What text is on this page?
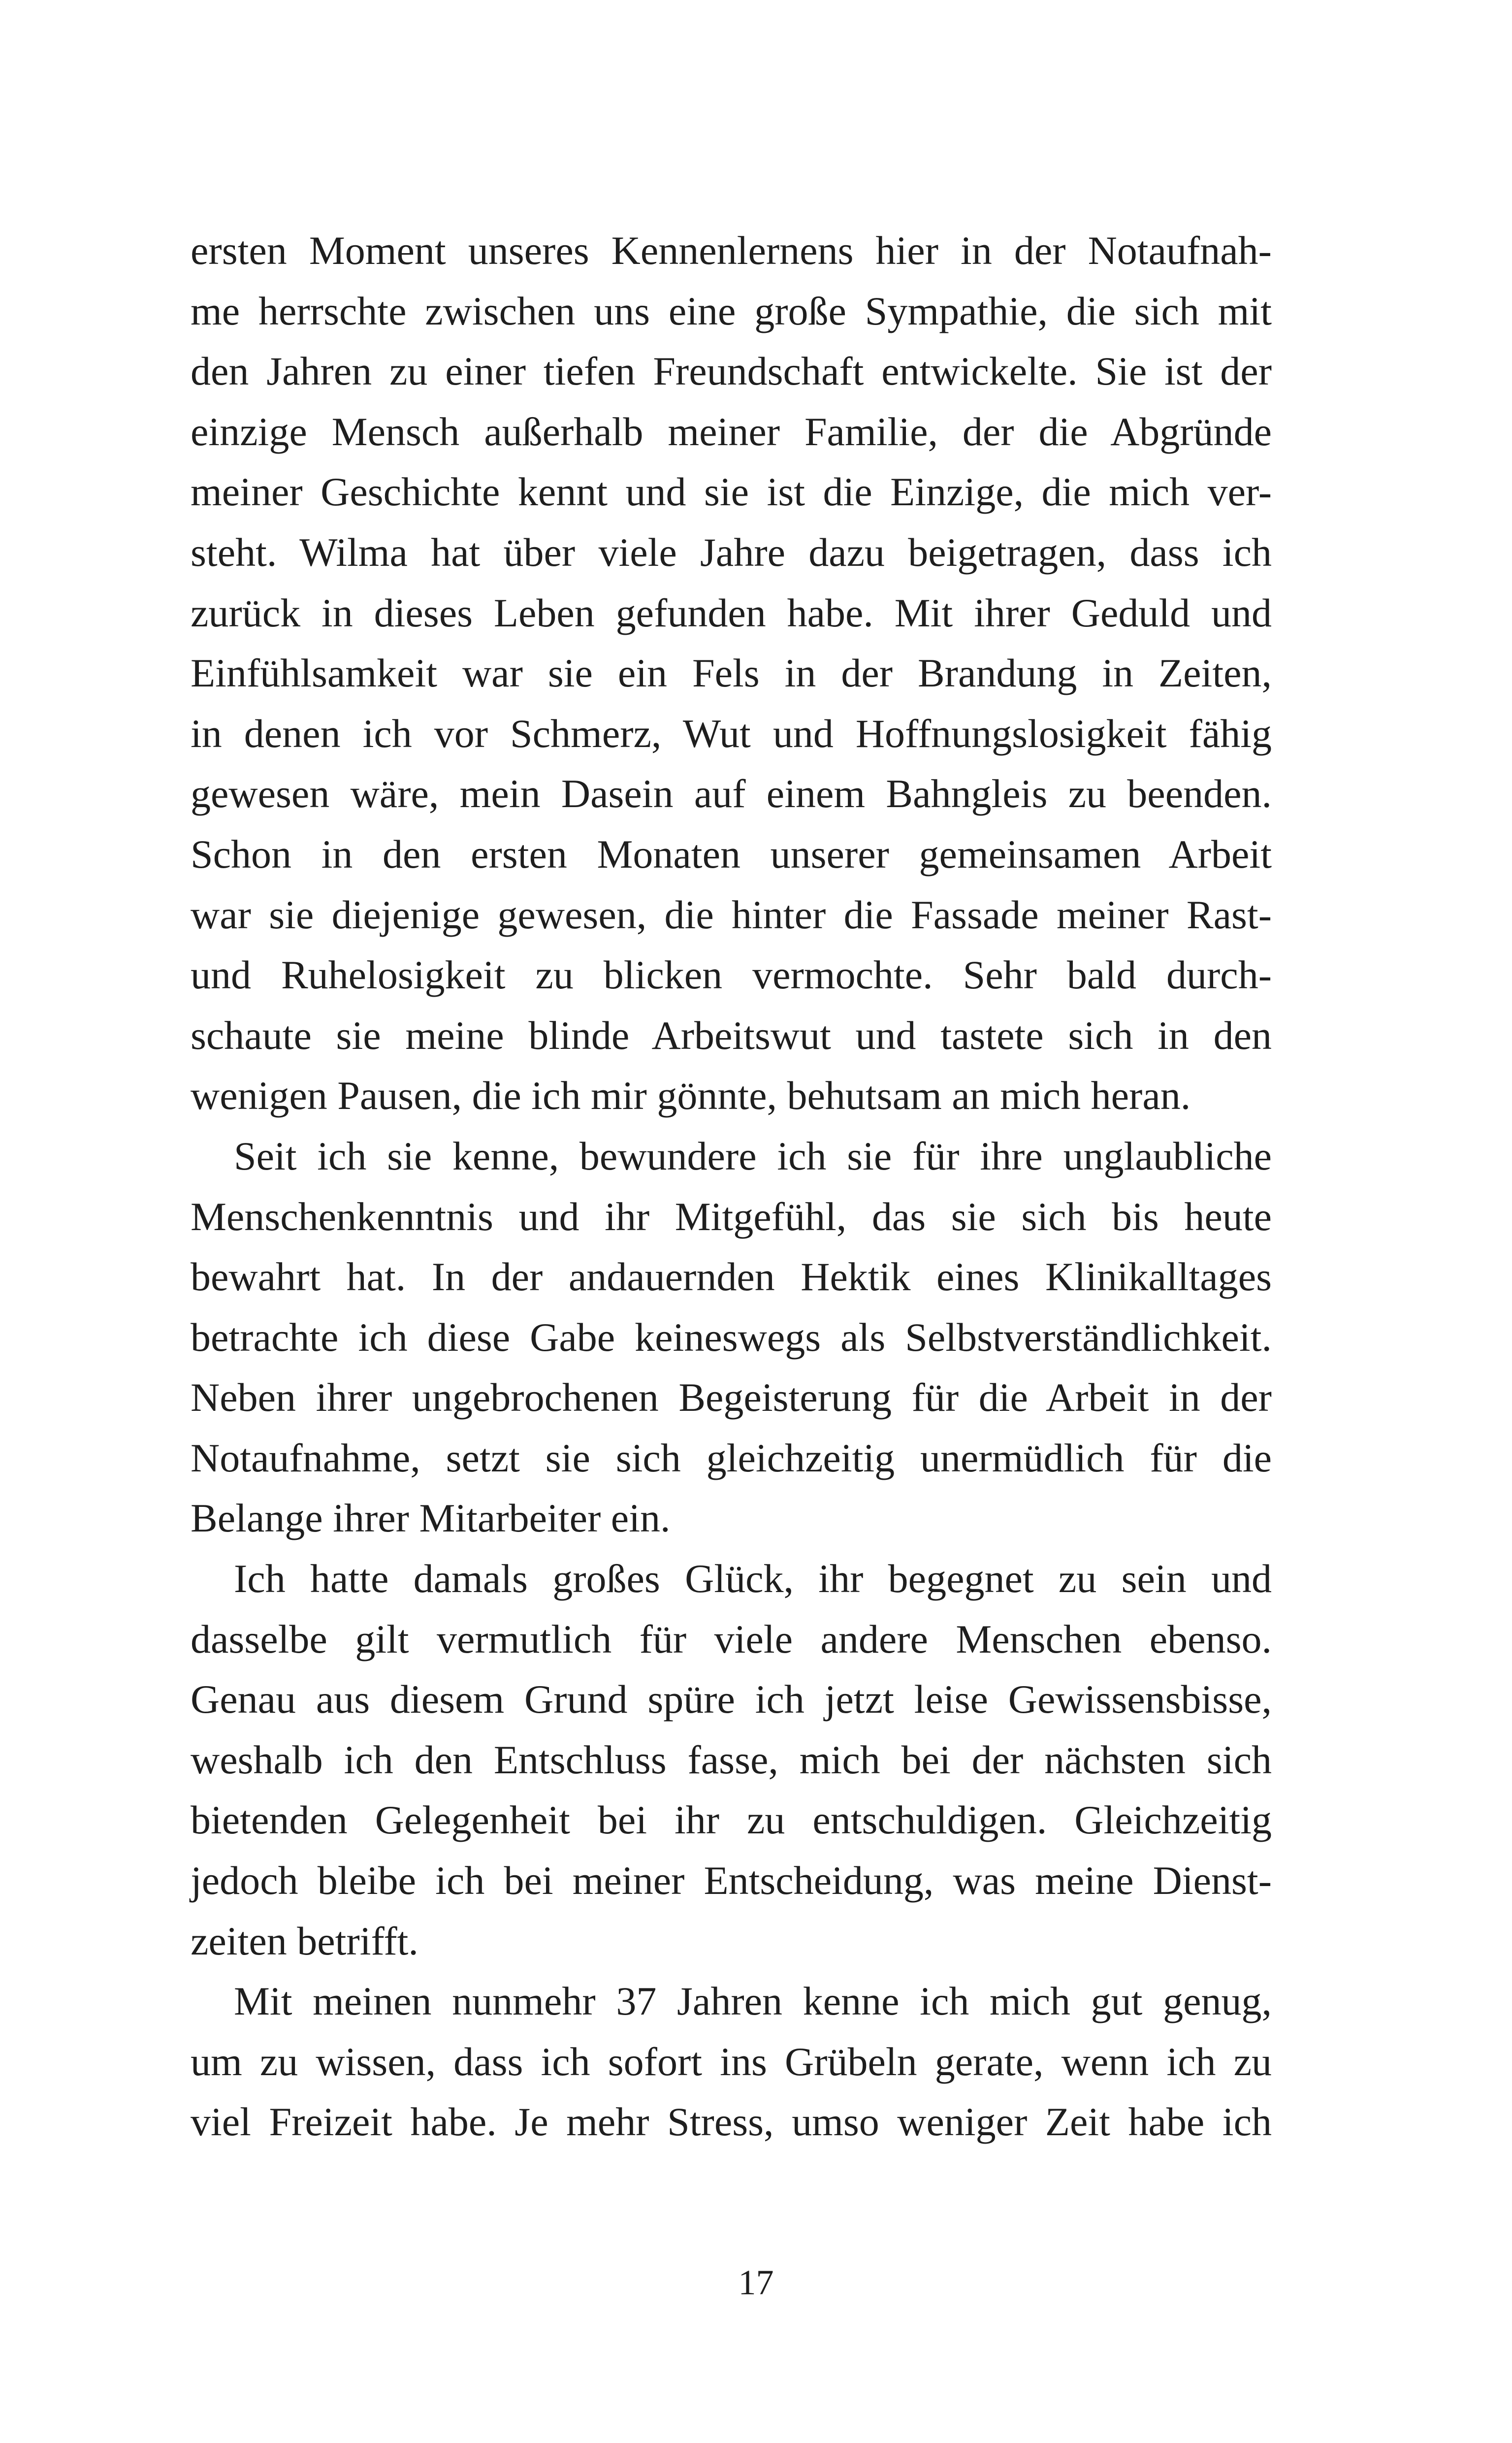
ersten Moment unseres Kennenlernens hier in der Notaufnah-
me herrschte zwischen uns eine große Sympathie, die sich mit
den Jahren zu einer tiefen Freundschaft entwickelte. Sie ist der
einzige Mensch außerhalb meiner Familie, der die Abgründe
meiner Geschichte kennt und sie ist die Einzige, die mich ver-
steht. Wilma hat über viele Jahre dazu beigetragen, dass ich
zurück in dieses Leben gefunden habe. Mit ihrer Geduld und
Einfühlsamkeit war sie ein Fels in der Brandung in Zeiten,
in denen ich vor Schmerz, Wut und Hoffnungslosigkeit fähig
gewesen wäre, mein Dasein auf einem Bahngleis zu beenden.
Schon in den ersten Monaten unserer gemeinsamen Arbeit
war sie diejenige gewesen, die hinter die Fassade meiner Rast-
und Ruhelosigkeit zu blicken vermochte. Sehr bald durch-
schaute sie meine blinde Arbeitswut und tastete sich in den
wenigen Pausen, die ich mir gönnte, behutsam an mich heran.
Seit ich sie kenne, bewundere ich sie für ihre unglaubliche
Menschenkenntnis und ihr Mitgefühl, das sie sich bis heute
bewahrt hat. In der andauernden Hektik eines Klinikalltages
betrachte ich diese Gabe keineswegs als Selbstverständlichkeit.
Neben ihrer ungebrochenen Begeisterung für die Arbeit in der
Notaufnahme, setzt sie sich gleichzeitig unermüdlich für die
Belange ihrer Mitarbeiter ein.
Ich hatte damals großes Glück, ihr begegnet zu sein und
dasselbe gilt vermutlich für viele andere Menschen ebenso.
Genau aus diesem Grund spüre ich jetzt leise Gewissensbisse,
weshalb ich den Entschluss fasse, mich bei der nächsten sich
bietenden Gelegenheit bei ihr zu entschuldigen. Gleichzeitig
jedoch bleibe ich bei meiner Entscheidung, was meine Dienst-
zeiten betrifft.
Mit meinen nunmehr 37 Jahren kenne ich mich gut genug,
um zu wissen, dass ich sofort ins Grübeln gerate, wenn ich zu
viel Freizeit habe. Je mehr Stress, umso weniger Zeit habe ich
17
